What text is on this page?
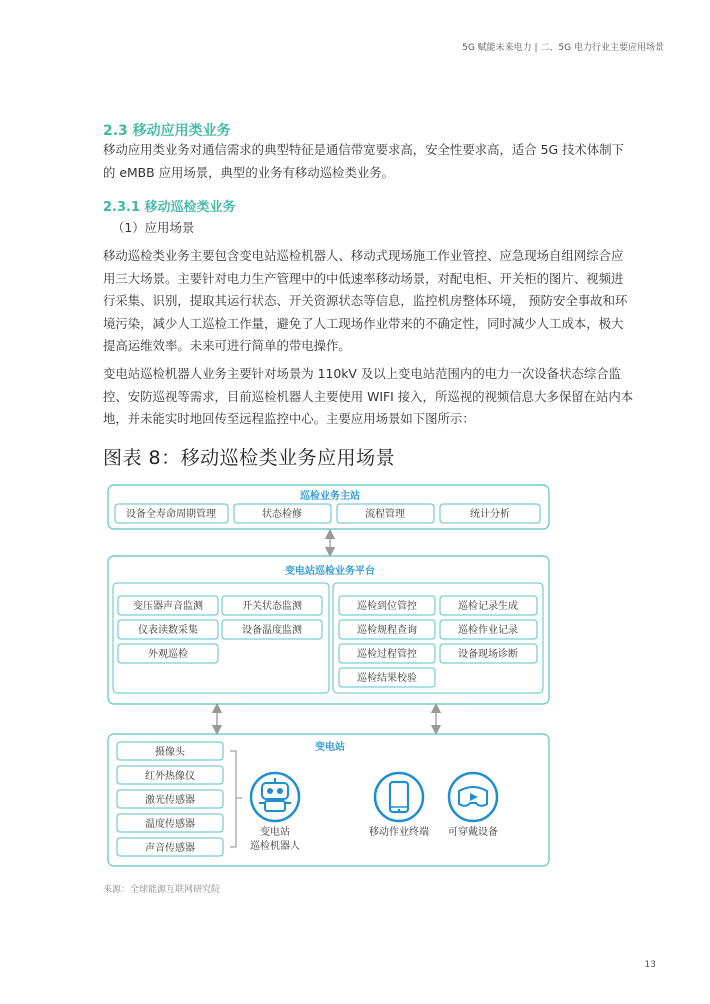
5G 赋能未来电力 | 二、5G 电力行业主要应用场景
2.3 移动应用类业务
移动应用类业务对通信需求的典型特征是通信带宽要求高，安全性要求高，适合 5G 技术体制下
的 eMBB 应用场景，典型的业务有移动巡检类业务。
2.3.1 移动巡检类业务
（1）应用场景
移动巡检类业务主要包含变电站巡检机器人、移动式现场施工作业管控、应急现场自组网综合应
用三大场景。主要针对电力生产管理中的中低速率移动场景，对配电柜、开关柜的图片、视频进
行采集、识别，提取其运行状态、开关资源状态等信息，监控机房整体环境， 预防安全事故和环
境污染，减少人工巡检工作量，避免了人工现场作业带来的不确定性，同时减少人工成本，极大
提高运维效率。未来可进行简单的带电操作。
变电站巡检机器人业务主要针对场景为 110kV 及以上变电站范围内的电力一次设备状态综合监
控、安防巡视等需求，目前巡检机器人主要使用 WIFI 接入，所巡视的视频信息大多保留在站内本
地，并未能实时地回传至远程监控中心。主要应用场景如下图所示：
图表 8：移动巡检类业务应用场景
巡检业务主站
设备全寿命周期管理	状态检修	流程管理	统计分析
变电站巡检业务平台
变压器声音监测	开关状态监测
仪表读数采集	设备温度监测
外观巡检
巡检到位管控	巡检记录生成
巡检规程查询	巡检作业记录
巡检过程管控	设备现场诊断
巡检结果校验
变电站
摄像头
红外热像仪
激光传感器
温度传感器
声音传感器
变电站
巡检机器人
移动作业终端 可穿戴设备
来源：全球能源互联网研究院
13
